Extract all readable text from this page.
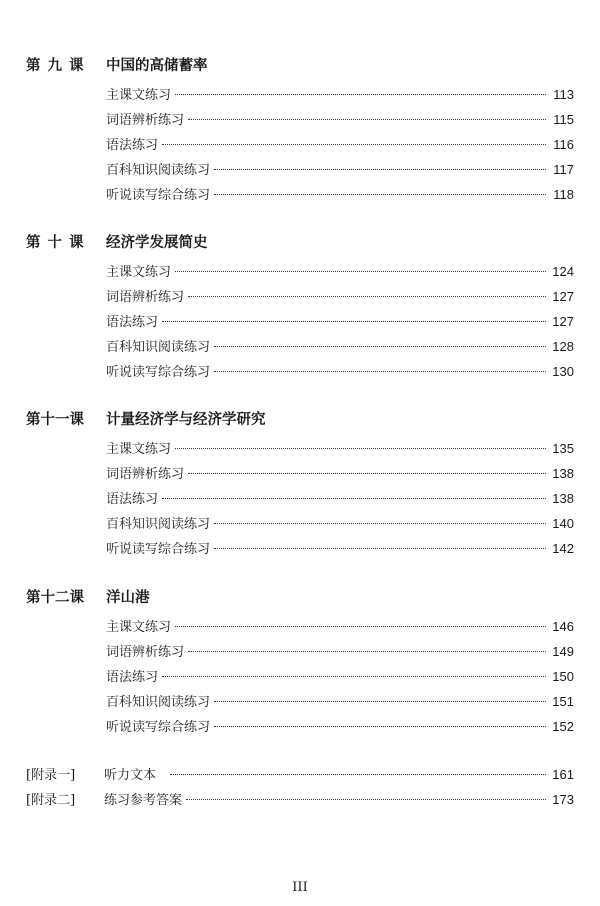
第九课	中国的高储蓄率
主课文练习	113
词语辨析练习	115
语法练习	116
百科知识阅读练习	117
听说读写综合练习	118
第十课	经济学发展简史
主课文练习	124
词语辨析练习	127
语法练习	127
百科知识阅读练习	128
听说读写综合练习	130
第十一课	计量经济学与经济学研究
主课文练习	135
词语辨析练习	138
语法练习	138
百科知识阅读练习	140
听说读写综合练习	142
第十二课	洋山港
主课文练习	146
词语辨析练习	149
语法练习	150
百科知识阅读练习	151
听说读写综合练习	152
[附录一]	听力文本	161
[附录二]	练习参考答案	173
III
